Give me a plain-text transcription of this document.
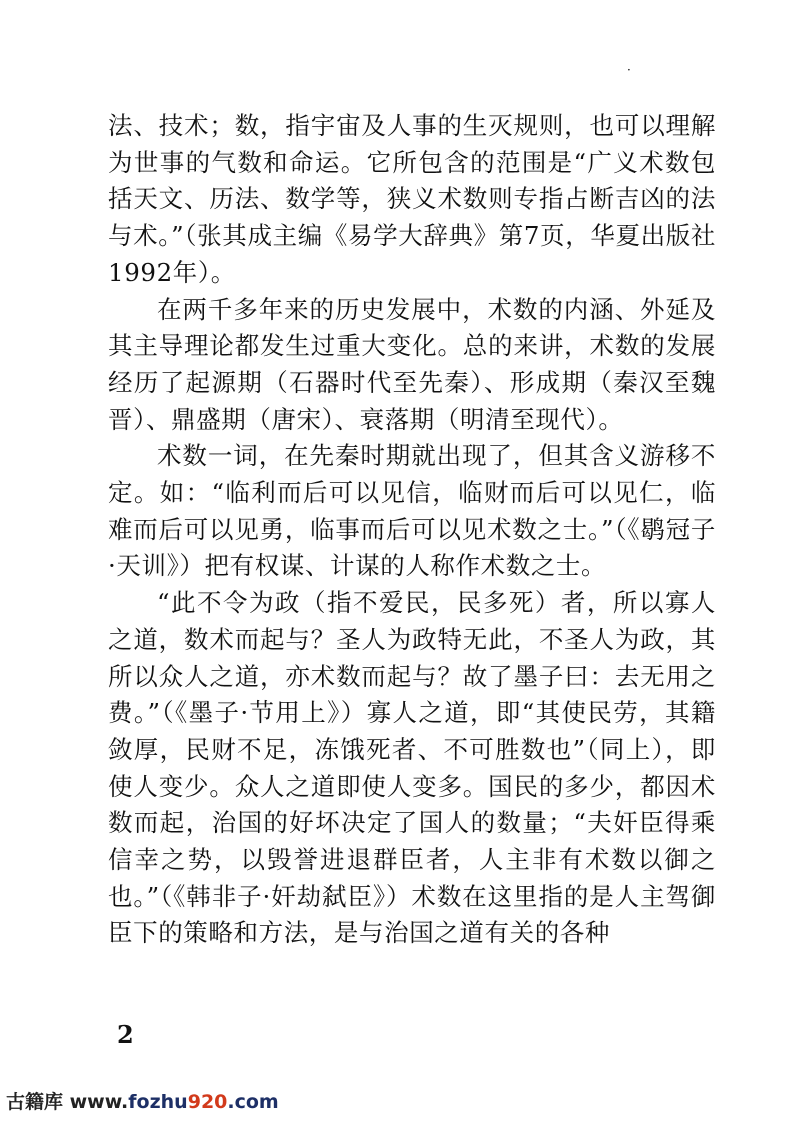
·

法、技术；数，指宇宙及人事的生灭规则，也可以理解为世事的气数和命运。它所包含的范围是“广义术数包括天文、历法、数学等，狭义术数则专指占断吉凶的法与术。”（张其成主编《易学大辞典》第7页，华夏出版社1992年）。

在两千多年来的历史发展中，术数的内涵、外延及其主导理论都发生过重大变化。总的来讲，术数的发展经历了起源期（石器时代至先秦）、形成期（秦汉至魏晋）、鼎盛期（唐宋）、衰落期（明清至现代）。

术数一词，在先秦时期就出现了，但其含义游移不定。如：“临利而后可以见信，临财而后可以见仁，临难而后可以见勇，临事而后可以见术数之士。”（《鹖冠子·天训》）把有权谋、计谋的人称作术数之士。

“此不令为政（指不爱民，民多死）者，所以寡人之道，数术而起与？圣人为政特无此，不圣人为政，其所以众人之道，亦术数而起与？故了墨子曰：去无用之费。”（《墨子·节用上》）寡人之道，即“其使民劳，其籍敛厚，民财不足，冻饿死者、不可胜数也”（同上），即使人变少。众人之道即使人变多。国民的多少，都因术数而起，治国的好坏决定了国人的数量；“夫奸臣得乘信幸之势，以毁誉进退群臣者，人主非有术数以御之也。”（《韩非子·奸劫弑臣》）术数在这里指的是人主驾御臣下的策略和方法，是与治国之道有关的各种

2
古籍库 www.fozhu920.com
